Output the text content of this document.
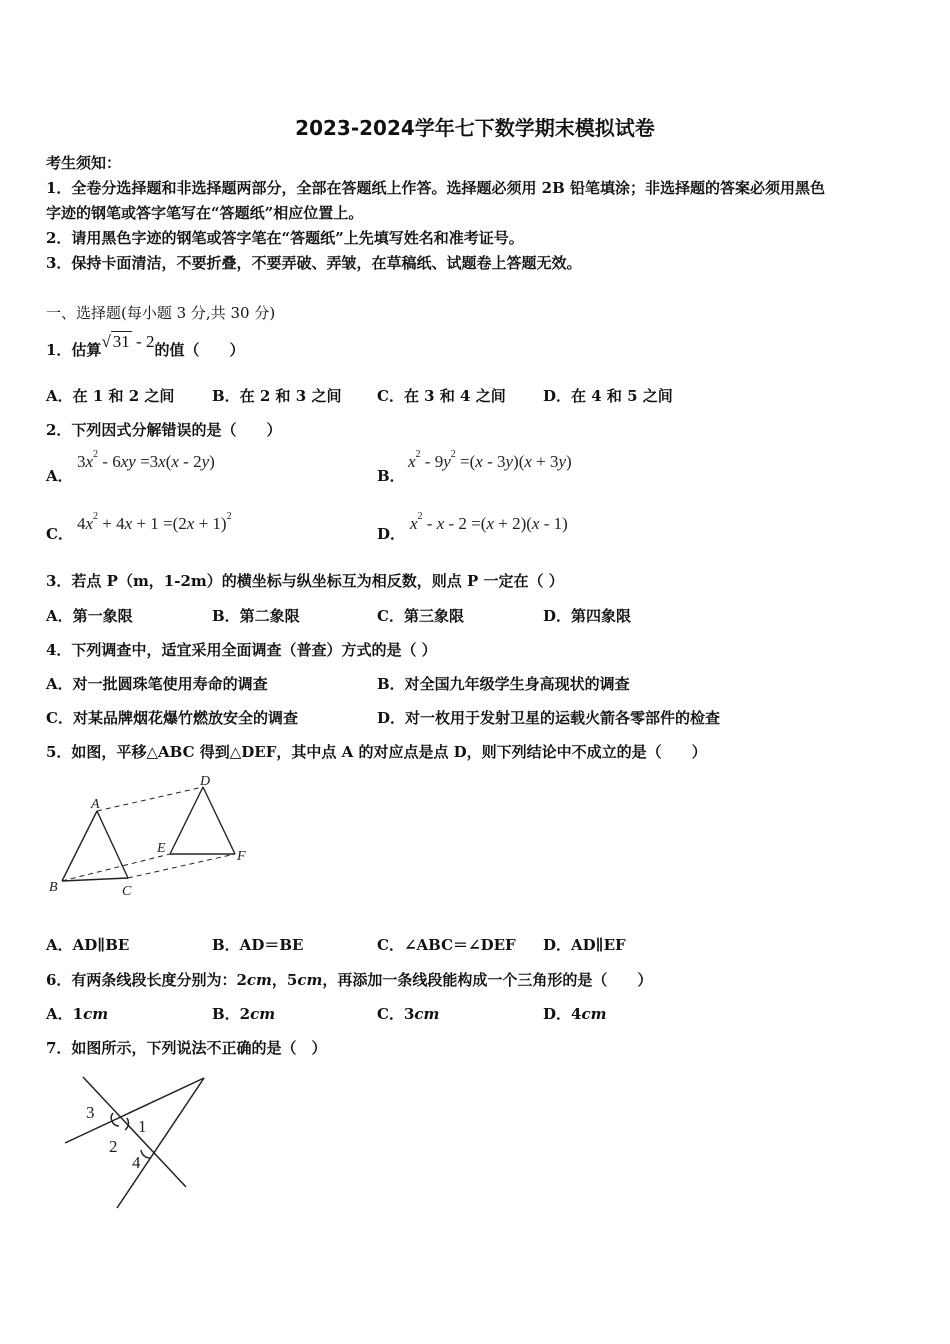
2023-2024学年七下数学期末模拟试卷
考生须知：
1．全卷分选择题和非选择题两部分，全部在答题纸上作答。选择题必须用 2B 铅笔填涂；非选择题的答案必须用黑色
字迹的钢笔或答字笔写在“答题纸”相应位置上。
2．请用黑色字迹的钢笔或答字笔在“答题纸”上先填写姓名和准考证号。
3．保持卡面清洁，不要折叠，不要弄破、弄皱，在草稿纸、试题卷上答题无效。
一、选择题(每小题 3 分,共 30 分)
1．估算√ 31 - 2的值（　　）
A．在 1 和 2 之间	B．在 2 和 3 之间 C．在 3 和 4 之间 D．在 4 和 5 之间
2．下列因式分解错误的是（　　）
A．
$3x^2 - 6xy =3x(x - 2y)$
B．
$x^2 - 9y^2 =(x - 3y)(x + 3y)$
C．
$4x^2 + 4x + 1 =(2x + 1)^2$
D．
$x^2 - x - 2 =(x + 2)(x - 1)$
3．若点 P（m，1-2m）的横坐标与纵坐标互为相反数，则点 P 一定在（ ）
A．第一象限	B．第二象限	C．第三象限	D．第四象限
4．下列调查中，适宜采用全面调查（普查）方式的是（ ）
A．对一批圆珠笔使用寿命的调查	B．对全国九年级学生身高现状的调查
C．对某品牌烟花爆竹燃放安全的调查	D．对一枚用于发射卫星的运载火箭各零部件的检查
5．如图，平移△ABC 得到△DEF，其中点 A 的对应点是点 D，则下列结论中不成立的是（　　）
A
B	C
D
E
F
A．AD∥BE	B．AD＝BE	C．∠ABC＝∠DEF D．AD∥EF
6．有两条线段长度分别为：2cm，5cm，再添加一条线段能构成一个三角形的是（　　）
A．1cm	B．2cm	C．3cm	D．4cm
7．如图所示，下列说法不正确的是（　）
3
1
2
4
